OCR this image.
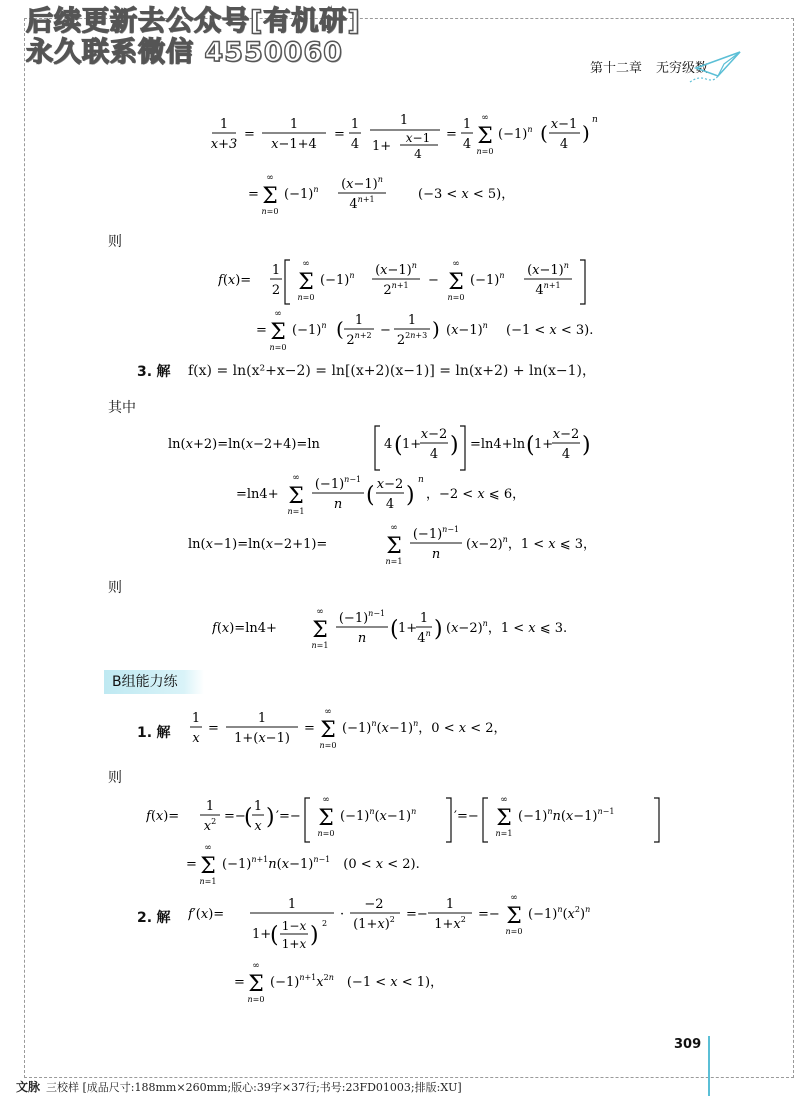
后续更新去公众号[有机研]
永久联系微信 4550060
第十二章 无穷级数
1
x+3
=
1
x−1+4
=
1
4
1
1+
x−1
4
=
1
4
∞
Σ
n=0
$(-1)^n$ ( x−1
4 )
n
=
∞
Σ
n=0
$(-1)^n$ $(x-1)^n$
$4^{n+1}$	(−3 < x < 5)，
则
f(x)=
1
2
∞
Σ
n=0
$(-1)^n$ $(x-1)^n$
$2^{n+1}$ −
∞
Σ
n=0
$(-1)^n$ $(x-1)^n$
$4^{n+1}$
=
∞
Σ
n=0
$(-1)^n$ ( 1
$2^{n+2}$ −
1
$2^{2n+3}$ ) $(x-1)^n$ (−1 < x < 3).
3. 解 f(x) = ln(x²+x−2) = ln[(x+2)(x−1)] = ln(x+2) + ln(x−1)，
其中
ln(x+2)=ln(x−2+4)=ln	4 ( 1+
x−2
4 ) =ln4+ln ( 1+
x−2
4 )
=ln4+
∞
Σ
n=1
$(-1)^{n-1}$
n ( x−2
4 )
n
，−2 < x ⩽ 6，
ln(x−1)=ln(x−2+1)=
∞
Σ
n=1
$(-1)^{n-1}$
n
$(x-2)^n$，1 < x ⩽ 3，
则
f(x)=ln4+
∞
Σ
n=1
$(-1)^{n-1}$
n ( 1+
1
4$^n$ ) $(x-2)^n$，1 < x ⩽ 3.
B组能力练
1. 解
1
x
=
1
1+(x−1)
=
∞
Σ
n=0
$(-1)^n(x-1)^n$，0 < x < 2，
则
f(x)=
1
$x^2$ =−
( 1
x ) ′=−
∞
Σ
n=0
$(-1)^n(x-1)^n$	′=−
∞
Σ
n=1
$(-1)^nn(x-1)^{n-1}$
=
∞
Σ
n=1
$(-1)^{n+1}n(x-1)^{n-1}$　(0 < x < 2).
2. 解 f′(x)=
1
1+
( 1−x
1+x ) 2
·
−2
$(1+x)^2$ =−
1
$1+x^2$ =−
∞
Σ
n=0
$(-1)^n(x^2)^n$
=
∞
Σ
n=0
$(-1)^{n+1}x^{2n}$　(−1 < x < 1)，
309
文脉 三校样 [成品尺寸:188mm×260mm;版心:39字×37行;书号:23FD01003;排版:XU]
